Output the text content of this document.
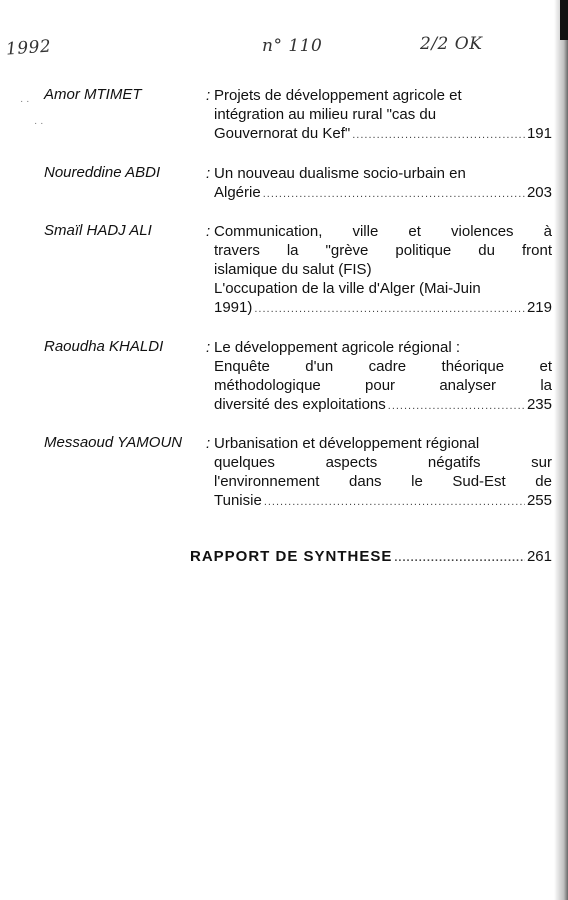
1992	n° 110	2/2 OK
· ·
· ·
Amor MTIMET	: Projets de développement agricole et
intégration au milieu rural "cas du
Gouvernorat du Kef" .....	191
Noureddine ABDI	: Un nouveau dualisme socio-urbain en
Algérie .....	203
Smaïl HADJ ALI	: Communication, ville et violences à
travers la "grève politique du front
islamique du salut (FIS)
L'occupation de la ville d'Alger (Mai-Juin
1991) .....	219
Raoudha KHALDI	: Le développement agricole régional :
Enquête d'un cadre théorique et
méthodologique pour analyser la
diversité des exploitations .....	235
Messaoud YAMOUN : Urbanisation et développement régional
quelques aspects négatifs sur
l'environnement dans le Sud-Est de
Tunisie .....	255
RAPPORT DE SYNTHESE .....	261
